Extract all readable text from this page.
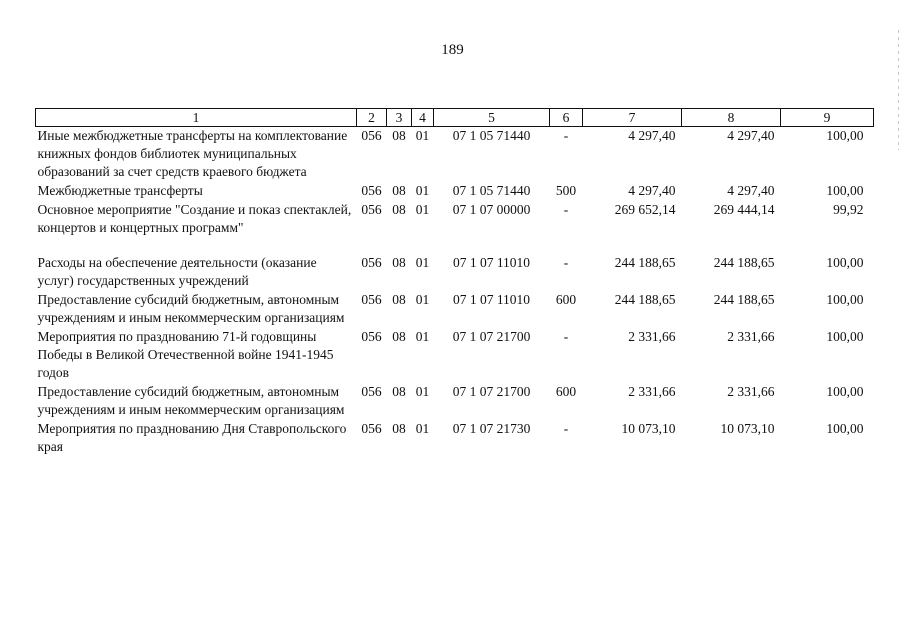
189
1	2	3	4	5	6	7	8	9
Иные межбюджетные трансферты на комплектование книжных фондов библиотек муниципальных образований за счет средств краевого бюджета	056	08	01	07 1 05 71440	-	4 297,40	4 297,40	100,00
Межбюджетные трансферты	056	08	01	07 1 05 71440	500	4 297,40	4 297,40	100,00
Основное мероприятие "Создание и показ спектаклей, концертов и концертных программ"	056	08	01	07 1 07 00000	-	269 652,14	269 444,14	99,92
Расходы на обеспечение деятельности (оказание услуг) государственных учреждений	056	08	01	07 1 07 11010	-	244 188,65	244 188,65	100,00
Предоставление субсидий бюджетным, автономным учреждениям и иным некоммерческим организациям	056	08	01	07 1 07 11010	600	244 188,65	244 188,65	100,00
Мероприятия по празднованию 71-й годовщины Победы в Великой Отечественной войне 1941-1945 годов	056	08	01	07 1 07 21700	-	2 331,66	2 331,66	100,00
Предоставление субсидий бюджетным, автономным учреждениям и иным некоммерческим организациям	056	08	01	07 1 07 21700	600	2 331,66	2 331,66	100,00
Мероприятия по празднованию Дня Ставропольского края	056	08	01	07 1 07 21730	-	10 073,10	10 073,10	100,00
